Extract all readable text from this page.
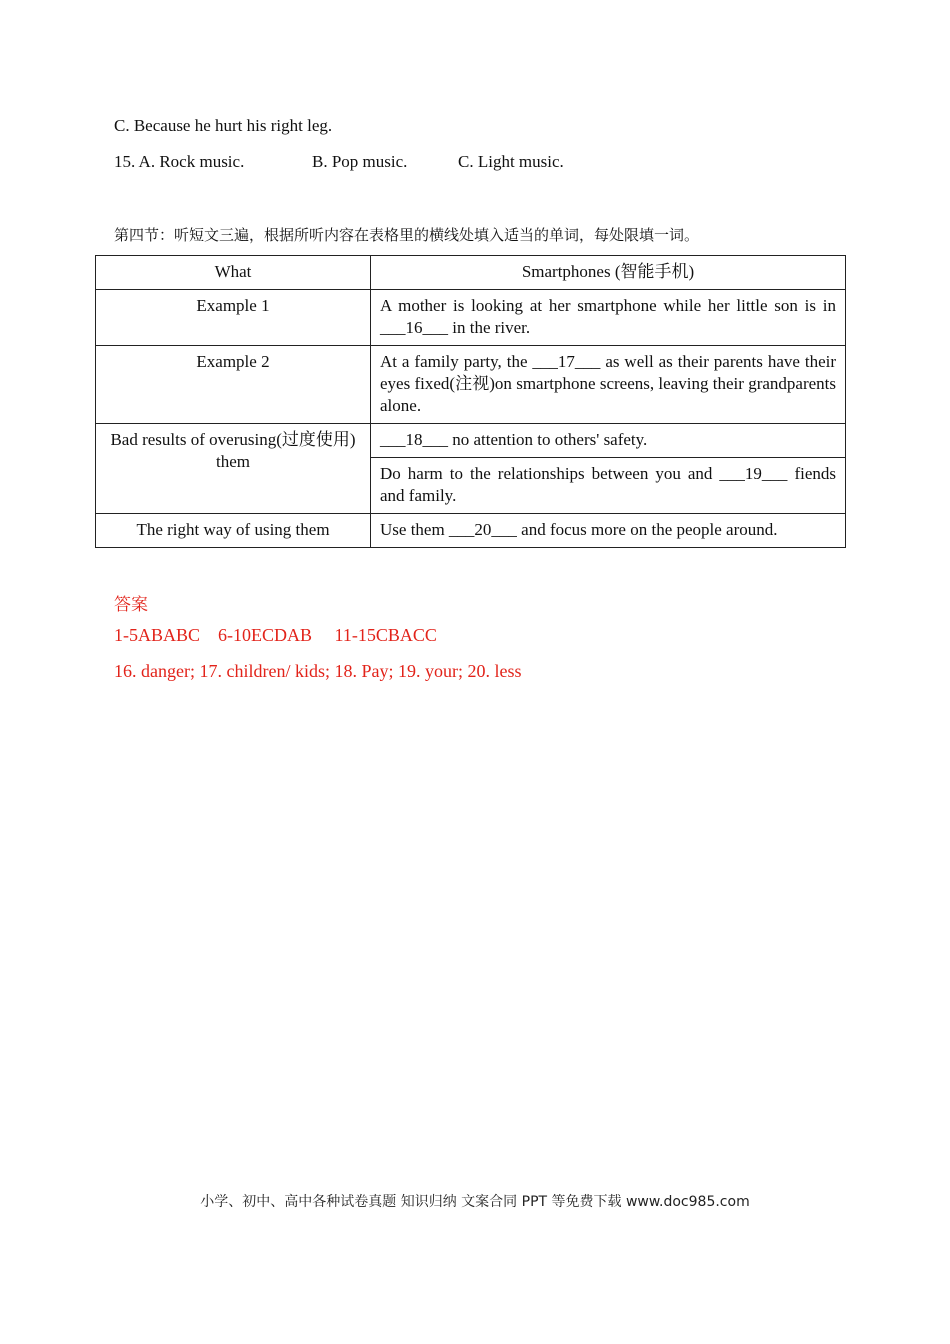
C. Because he hurt his right leg.
15. A. Rock music.	B. Pop music.	C. Light music.
第四节：听短文三遍，根据所听内容在表格里的横线处填入适当的单词，每处限填一词。
What	Smartphones (智能手机)
Example 1	A mother is looking at her smartphone while her little son is in ___16___ in the river.
Example 2	At a family party, the ___17___ as well as their parents have their eyes fixed(注视)on smartphone screens, leaving their grandparents alone.
Bad results of overusing(过度使用) them	___18___ no attention to others' safety.
	Do harm to the relationships between you and ___19___ fiends and family.
The right way of using them	Use them ___20___ and focus more on the people around.
答案
1-5ABABC    6-10ECDAB     11-15CBACC
16. danger; 17. children/ kids; 18. Pay; 19. your; 20. less
小学、初中、高中各种试卷真题 知识归纳 文案合同 PPT 等免费下载 www.doc985.com
